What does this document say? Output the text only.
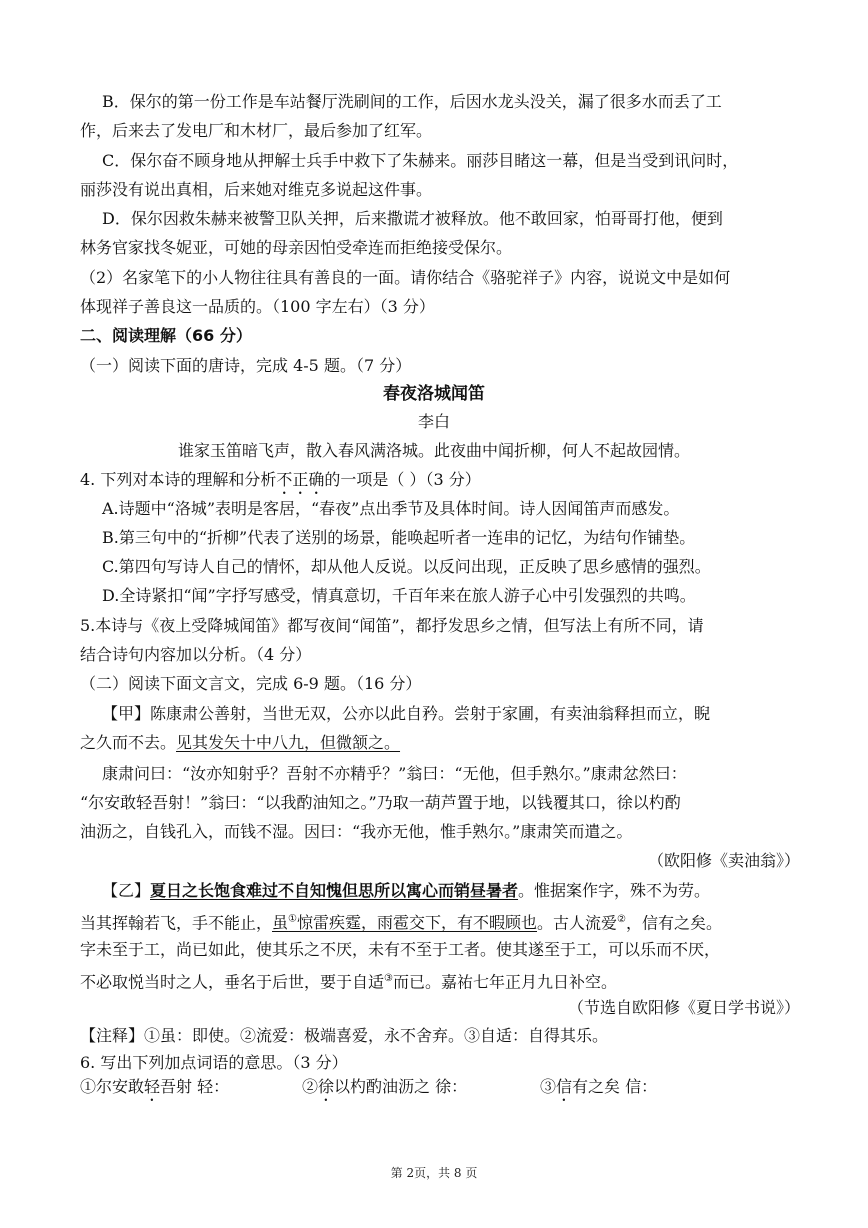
B．保尔的第一份工作是车站餐厅洗刷间的工作，后因水龙头没关，漏了很多水而丢了工
作，后来去了发电厂和木材厂，最后参加了红军。
C．保尔奋不顾身地从押解士兵手中救下了朱赫来。丽莎目睹这一幕，但是当受到讯问时，
丽莎没有说出真相，后来她对维克多说起这件事。
D．保尔因救朱赫来被警卫队关押，后来撒谎才被释放。他不敢回家，怕哥哥打他，便到
林务官家找冬妮亚，可她的母亲因怕受牵连而拒绝接受保尔。
（2）名家笔下的小人物往往具有善良的一面。请你结合《骆驼祥子》内容，说说文中是如何
体现祥子善良这一品质的。（100 字左右）（3 分）
二、阅读理解（66 分）
（一）阅读下面的唐诗，完成 4-5 题。（7 分）
春夜洛城闻笛
李白
谁家玉笛暗飞声，散入春风满洛城。此夜曲中闻折柳，何人不起故园情。
4. 下列对本诗的理解和分析不正确的一项是（ ）（3 分）
A.诗题中“洛城”表明是客居，“春夜”点出季节及具体时间。诗人因闻笛声而感发。
B.第三句中的“折柳”代表了送别的场景，能唤起听者一连串的记忆，为结句作铺垫。
C.第四句写诗人自己的情怀，却从他人反说。以反问出现，正反映了思乡感情的强烈。
D.全诗紧扣“闻”字抒写感受，情真意切，千百年来在旅人游子心中引发强烈的共鸣。
5.本诗与《夜上受降城闻笛》都写夜间“闻笛”，都抒发思乡之情，但写法上有所不同，请
结合诗句内容加以分析。（4 分）
（二）阅读下面文言文，完成 6-9 题。（16 分）
【甲】陈康肃公善射，当世无双，公亦以此自矜。尝射于家圃，有卖油翁释担而立，睨
之久而不去。见其发矢十中八九，但微颔之。
康肃问曰：“汝亦知射乎？吾射不亦精乎？”翁曰：“无他，但手熟尔。”康肃忿然曰：
“尔安敢轻吾射！”翁曰：“以我酌油知之。”乃取一葫芦置于地，以钱覆其口，徐以杓酌
油沥之，自钱孔入，而钱不湿。因曰：“我亦无他，惟手熟尔。”康肃笑而遣之。
（欧阳修《卖油翁》）
【乙】夏日之长饱食难过不自知愧但思所以寓心而销昼暑者。惟据案作字，殊不为劳。
当其挥翰若飞，手不能止，虽①惊雷疾霆，雨雹交下，有不暇顾也。古人流爱②，信有之矣。
字未至于工，尚已如此，使其乐之不厌，未有不至于工者。使其遂至于工，可以乐而不厌，
不必取悦当时之人，垂名于后世，要于自适③而已。嘉祐七年正月九日补空。
（节选自欧阳修《夏日学书说》）
【注释】①虽：即使。②流爱：极端喜爱，永不舍弃。③自适：自得其乐。
6. 写出下列加点词语的意思。（3 分）
①尔安敢轻吾射 轻：	②徐以杓酌油沥之 徐：	③信有之矣 信：
第 2页，共 8 页
